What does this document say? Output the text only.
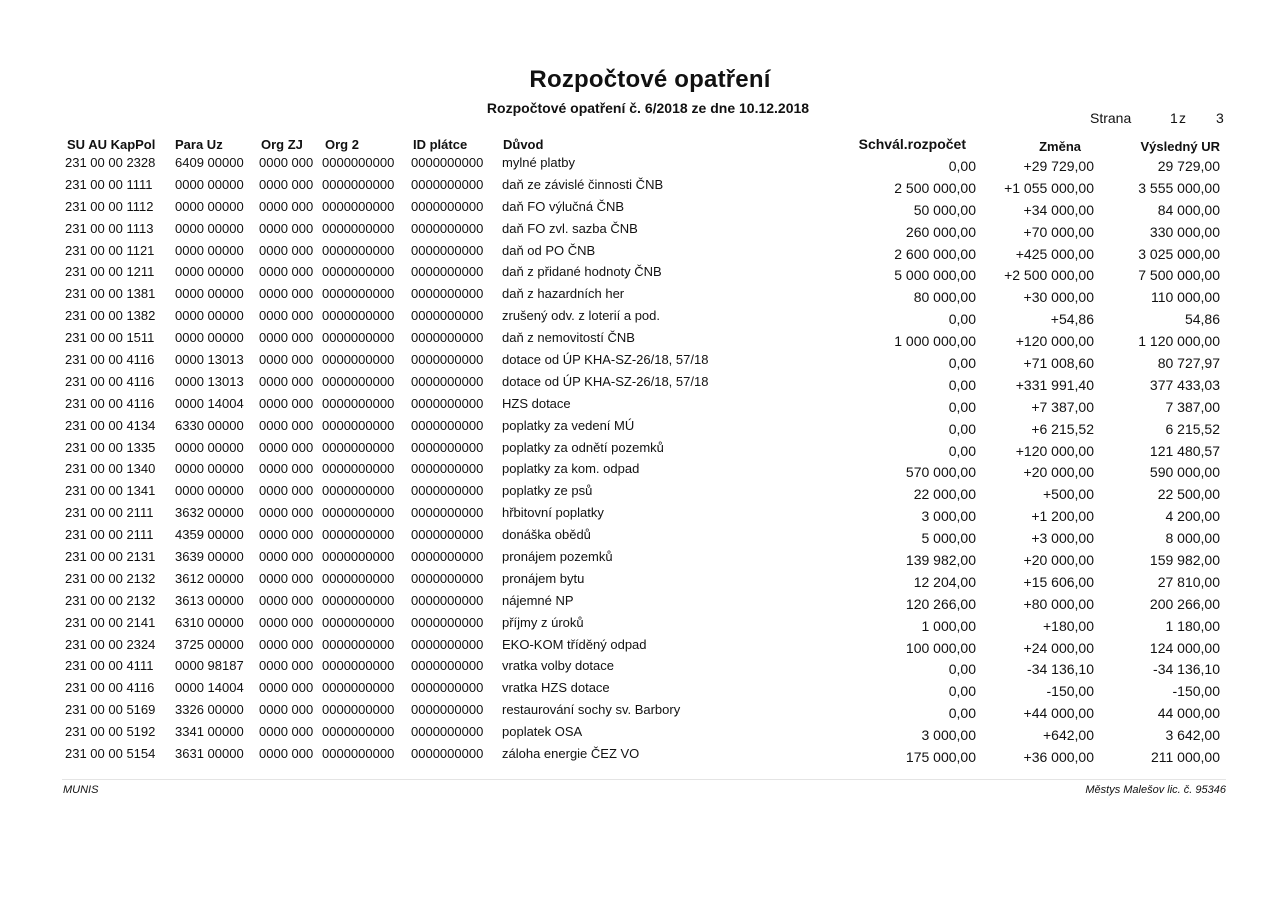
Rozpočtové opatření
Rozpočtové opatření č. 6/2018 ze dne 10.12.2018
Strana	1 z 3
SU AU KapPol Para Uz	Org ZJ Org 2	ID plátce	Důvod	Schvál.rozpočet	Změna	Výsledný UR
231 00 00 2328 6409 00000 0000 000 0000000000 0000000000 mylné platby	0,00	+29 729,00	29 729,00
231 00 00 1111 0000 00000 0000 000 0000000000 0000000000 daň ze závislé činnosti ČNB	2 500 000,00 +1 055 000,00	3 555 000,00
231 00 00 1112 0000 00000 0000 000 0000000000 0000000000 daň FO výlučná ČNB	50 000,00	+34 000,00	84 000,00
231 00 00 1113 0000 00000 0000 000 0000000000 0000000000 daň FO zvl. sazba ČNB	260 000,00	+70 000,00	330 000,00
231 00 00 1121 0000 00000 0000 000 0000000000 0000000000 daň od PO ČNB	2 600 000,00	+425 000,00	3 025 000,00
231 00 00 1211 0000 00000 0000 000 0000000000 0000000000 daň z přidané hodnoty ČNB	5 000 000,00 +2 500 000,00	7 500 000,00
231 00 00 1381 0000 00000 0000 000 0000000000 0000000000 daň z hazardních her	80 000,00	+30 000,00	110 000,00
231 00 00 1382 0000 00000 0000 000 0000000000 0000000000 zrušený odv. z loterií a pod.	0,00	+54,86	54,86
231 00 00 1511 0000 00000 0000 000 0000000000 0000000000 daň z nemovitostí ČNB	1 000 000,00	+120 000,00	1 120 000,00
231 00 00 4116 0000 13013 0000 000 0000000000 0000000000 dotace od ÚP KHA-SZ-26/18, 57/18	0,00	+71 008,60	80 727,97
231 00 00 4116 0000 13013 0000 000 0000000000 0000000000 dotace od ÚP KHA-SZ-26/18, 57/18	0,00	+331 991,40	377 433,03
231 00 00 4116 0000 14004 0000 000 0000000000 0000000000 HZS dotace	0,00	+7 387,00	7 387,00
231 00 00 4134 6330 00000 0000 000 0000000000 0000000000 poplatky za vedení MÚ	0,00	+6 215,52	6 215,52
231 00 00 1335 0000 00000 0000 000 0000000000 0000000000 poplatky za odnětí pozemků	0,00	+120 000,00	121 480,57
231 00 00 1340 0000 00000 0000 000 0000000000 0000000000 poplatky za kom. odpad	570 000,00	+20 000,00	590 000,00
231 00 00 1341 0000 00000 0000 000 0000000000 0000000000 poplatky ze psů	22 000,00	+500,00	22 500,00
231 00 00 2111 3632 00000 0000 000 0000000000 0000000000 hřbitovní poplatky	3 000,00	+1 200,00	4 200,00
231 00 00 2111 4359 00000 0000 000 0000000000 0000000000 donáška obědů	5 000,00	+3 000,00	8 000,00
231 00 00 2131 3639 00000 0000 000 0000000000 0000000000 pronájem pozemků	139 982,00	+20 000,00	159 982,00
231 00 00 2132 3612 00000 0000 000 0000000000 0000000000 pronájem bytu	12 204,00	+15 606,00	27 810,00
231 00 00 2132 3613 00000 0000 000 0000000000 0000000000 nájemné NP	120 266,00	+80 000,00	200 266,00
231 00 00 2141 6310 00000 0000 000 0000000000 0000000000 příjmy z úroků	1 000,00	+180,00	1 180,00
231 00 00 2324 3725 00000 0000 000 0000000000 0000000000 EKO-KOM tříděný odpad	100 000,00	+24 000,00	124 000,00
231 00 00 4111 0000 98187 0000 000 0000000000 0000000000 vratka volby dotace	0,00	-34 136,10	-34 136,10
231 00 00 4116 0000 14004 0000 000 0000000000 0000000000 vratka HZS dotace	0,00	-150,00	-150,00
231 00 00 5169 3326 00000 0000 000 0000000000 0000000000 restaurování sochy sv. Barbory	0,00	+44 000,00	44 000,00
231 00 00 5192 3341 00000 0000 000 0000000000 0000000000 poplatek OSA	3 000,00	+642,00	3 642,00
231 00 00 5154 3631 00000 0000 000 0000000000 0000000000 záloha energie ČEZ VO	175 000,00	+36 000,00	211 000,00
MUNIS	Městys Malešov lic. č. 95346
